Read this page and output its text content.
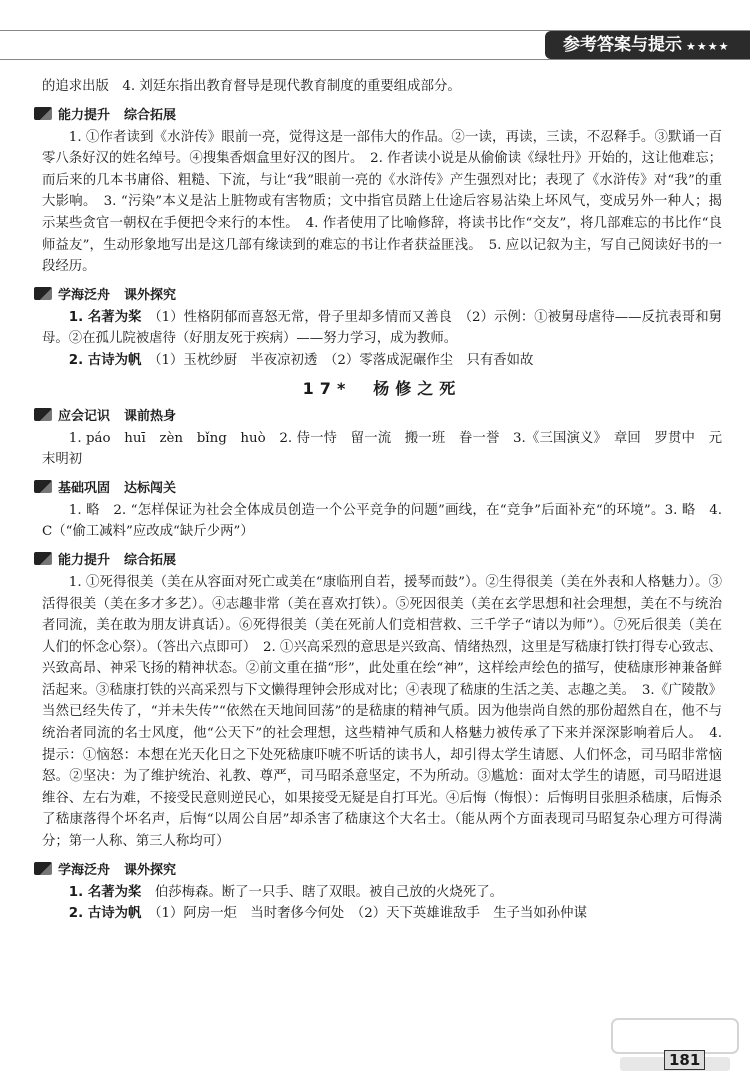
参考答案与提示 ★★★★

的追求出版　4. 刘廷东指出教育督导是现代教育制度的重要组成部分。

能力提升 综合拓展

1. ①作者读到《水浒传》眼前一亮，觉得这是一部伟大的作品。②一读，再读，三读，不忍释手。③默诵一百零八条好汉的姓名绰号。④搜集香烟盒里好汉的图片。　2. 作者读小说是从偷偷读《绿牡丹》开始的，这让他难忘；而后来的几本书庸俗、粗糙、下流，与让“我”眼前一亮的《水浒传》产生强烈对比；表现了《水浒传》对“我”的重大影响。　3. “污染”本义是沾上脏物或有害物质；文中指官员踏上仕途后容易沾染上坏风气，变成另外一种人；揭示某些贪官一朝权在手便把令来行的本性。　4. 作者使用了比喻修辞，将读书比作“交友”，将几部难忘的书比作“良师益友”，生动形象地写出是这几部有缘读到的难忘的书让作者获益匪浅。　5. 应以记叙为主，写自己阅读好书的一段经历。

学海泛舟 课外探究

1. 名著为桨　 （1）性格阴郁而喜怒无常，骨子里却多情而又善良　（2）示例：①被舅母虐待——反抗表哥和舅母。②在孤儿院被虐待（好朋友死于疾病）——努力学习，成为教师。

2. 古诗为帆　 （1）玉枕纱厨　半夜凉初透　（2）零落成泥碾作尘　只有香如故

17*　杨修之死
应会记识 课前热身

1. páo　huī　zèn　bǐng　huò　2. 侍一恃　留一流　搬一班　眷一誉　3.《三国演义》　章回　罗贯中　元末明初

基础巩固 达标闯关

1. 略　2. “怎样保证为社会全体成员创造一个公平竞争的问题”画线，在“竞争”后面补充“的环境”。3. 略　4. C（“偷工减料”应改成“缺斤少两”）

能力提升 综合拓展

1. ①死得很美（美在从容面对死亡或美在“康临刑自若，援琴而鼓”）。②生得很美（美在外表和人格魅力）。③活得很美（美在多才多艺）。④志趣非常（美在喜欢打铁）。⑤死因很美（美在玄学思想和社会理想，美在不与统治者同流，美在敢为朋友讲真话）。⑥死得很美（美在死前人们竞相营救、三千学子“请以为师”）。⑦死后很美（美在人们的怀念心祭）。（答出六点即可）　2. ①兴高采烈的意思是兴致高、情绪热烈，这里是写嵇康打铁打得专心致志、兴致高昂、神采飞扬的精神状态。②前文重在描“形”，此处重在绘“神”，这样绘声绘色的描写，使嵇康形神兼备鲜活起来。③嵇康打铁的兴高采烈与下文懒得理钟会形成对比；④表现了嵇康的生活之美、志趣之美。　3.《广陵散》当然已经失传了，“并未失传”“依然在天地间回荡”的是嵇康的精神气质。因为他崇尚自然的那份超然自在，他不与统治者同流的名士风度，他“公天下”的社会理想，这些精神气质和人格魅力被传承了下来并深深影响着后人。　4. 提示：①恼怒：本想在光天化日之下处死嵇康吓唬不听话的读书人，却引得太学生请愿、人们怀念，司马昭非常恼怒。②坚决：为了维护统治、礼教、尊严，司马昭杀意坚定，不为所动。③尴尬：面对太学生的请愿，司马昭进退维谷、左右为难，不接受民意则逆民心，如果接受无疑是自打耳光。④后悔（悔恨）：后悔明目张胆杀嵇康，后悔杀了嵇康落得个坏名声，后悔“以周公自居”却杀害了嵇康这个大名士。（能从两个方面表现司马昭复杂心理方可得满分；第一人称、第三人称均可）

学海泛舟 课外探究

1. 名著为桨　 伯莎梅森。断了一只手、瞎了双眼。被自己放的火烧死了。

2. 古诗为帆　 （1）阿房一炬　当时奢侈今何处　（2）天下英雄谁敌手　生子当如孙仲谋

181
